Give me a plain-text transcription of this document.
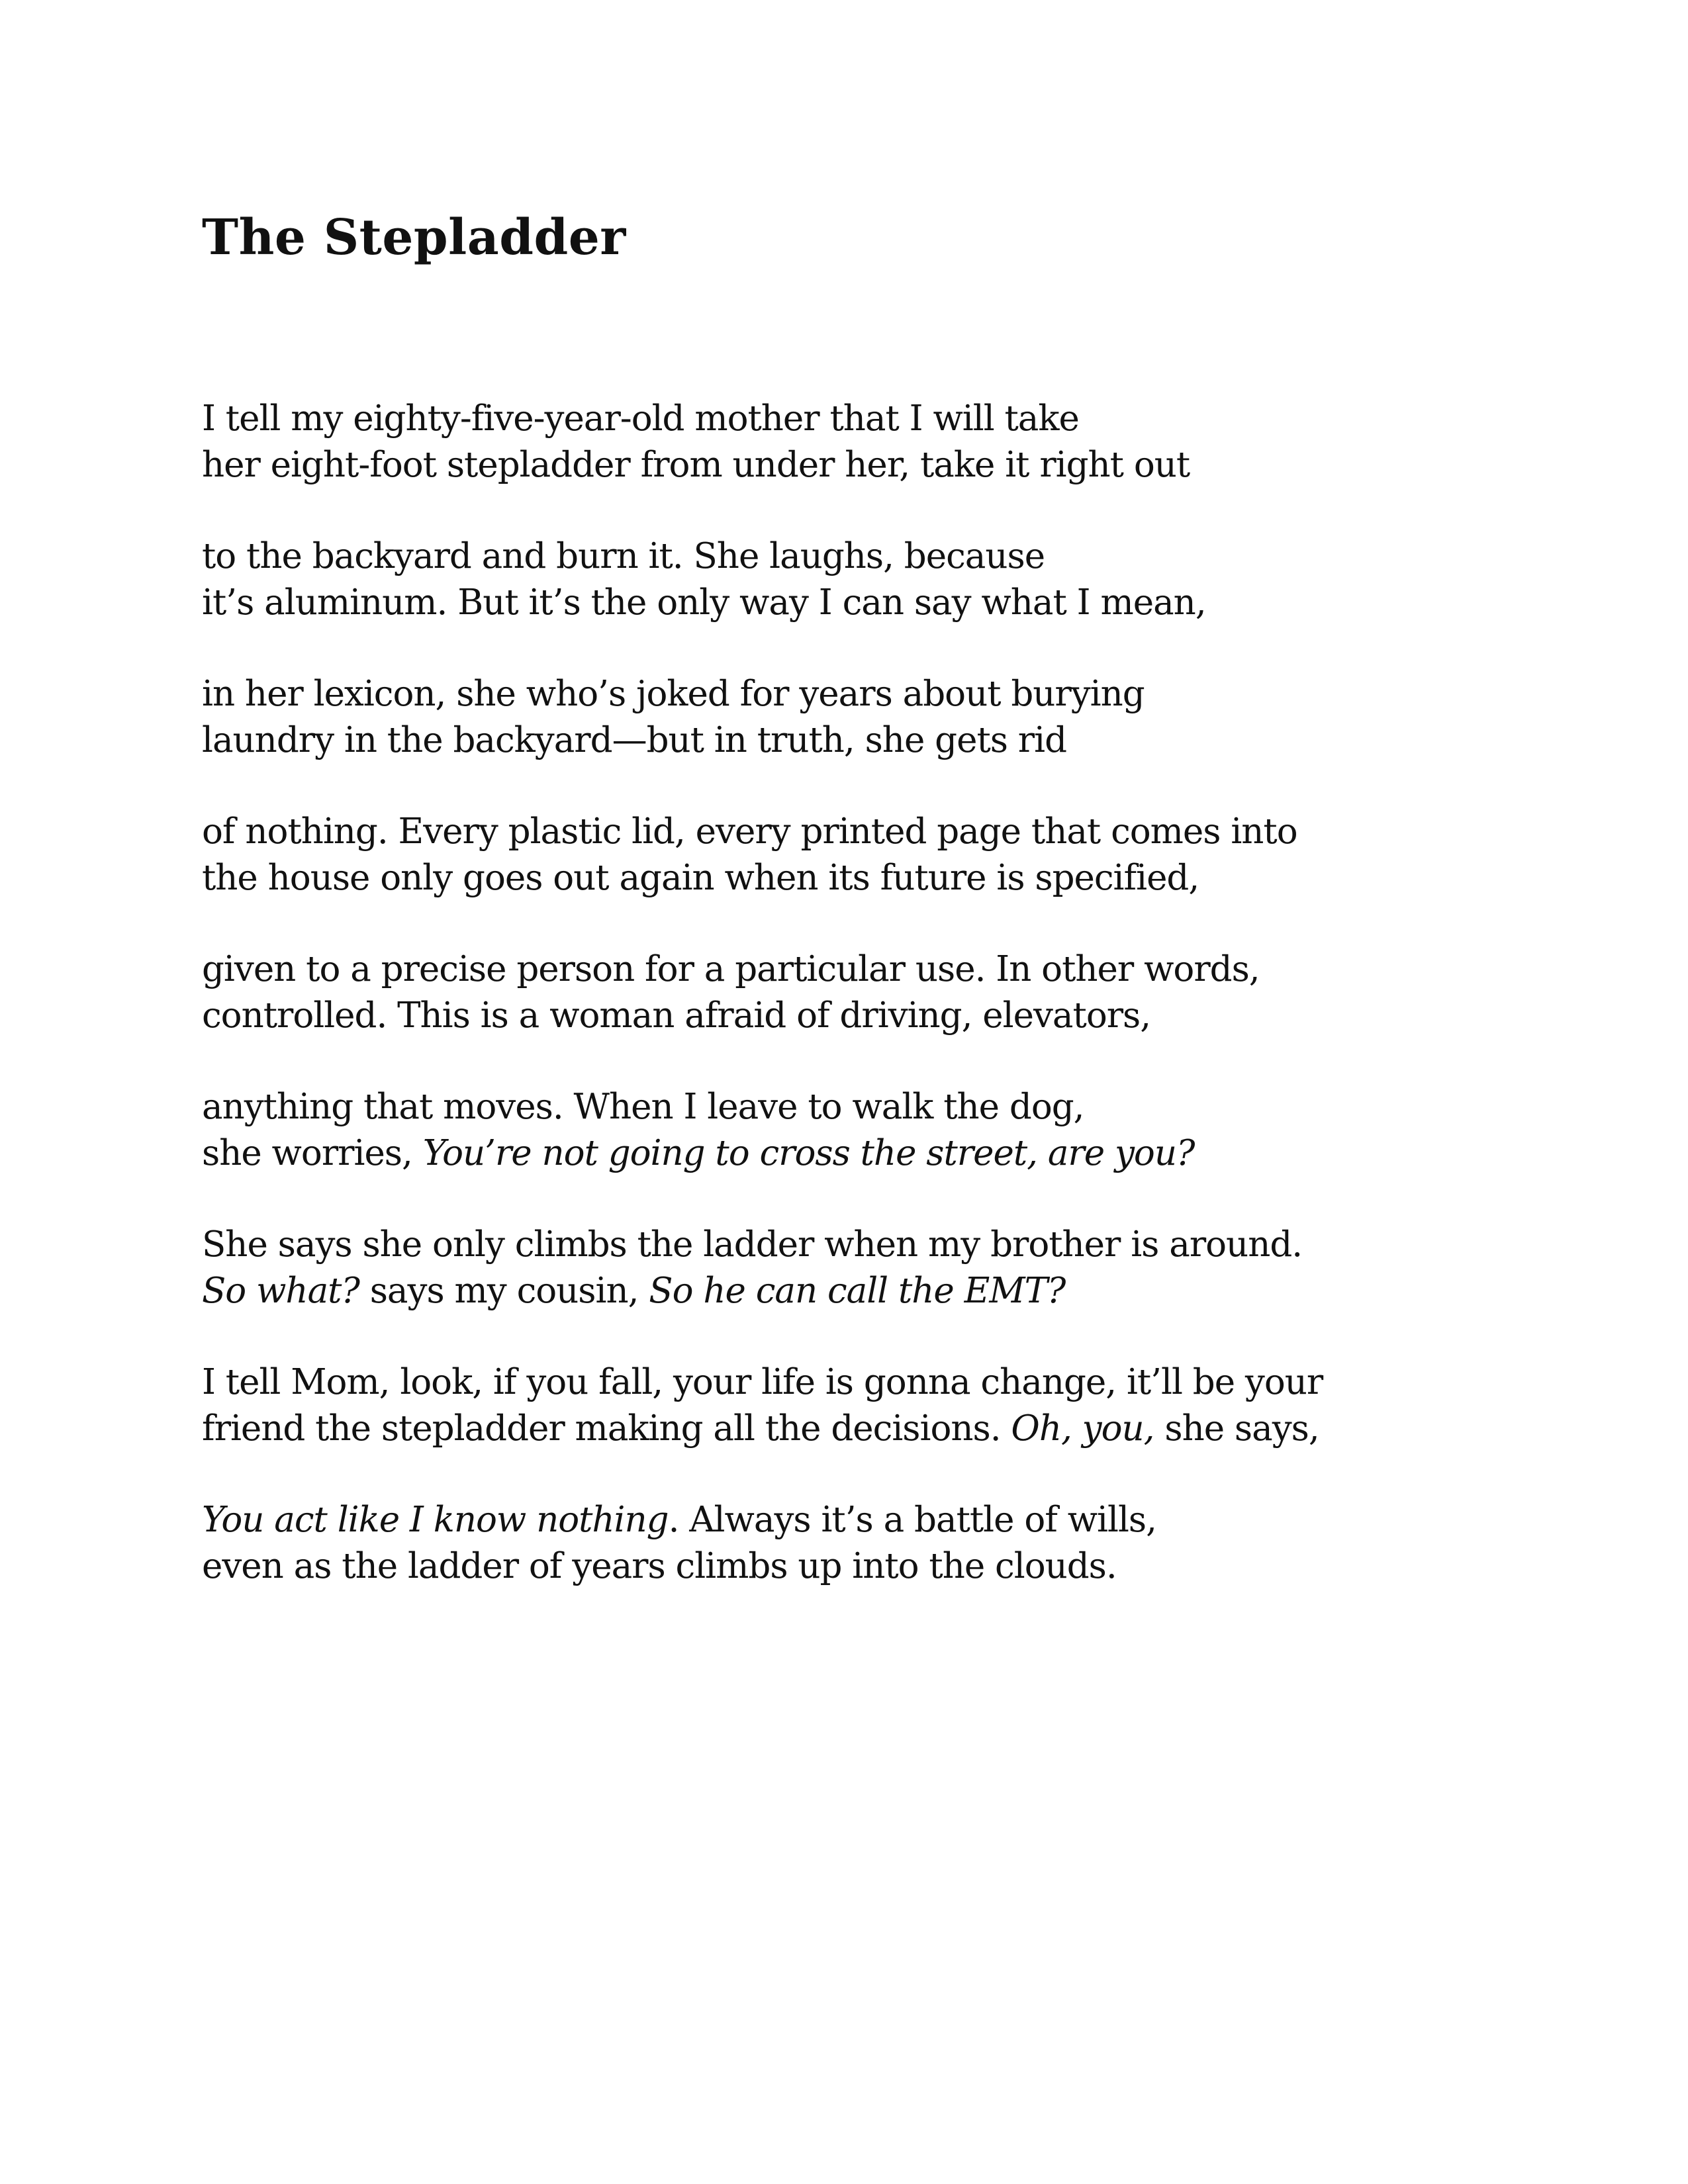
The Stepladder
I tell my eighty-five-year-old mother that I will take
her eight-foot stepladder from under her, take it right out
to the backyard and burn it. She laughs, because
it’s aluminum. But it’s the only way I can say what I mean,
in her lexicon, she who’s joked for years about burying
laundry in the backyard—but in truth, she gets rid
of nothing. Every plastic lid, every printed page that comes into
the house only goes out again when its future is specified,
given to a precise person for a particular use. In other words,
controlled. This is a woman afraid of driving, elevators,
anything that moves. When I leave to walk the dog,
she worries, You’re not going to cross the street, are you?
She says she only climbs the ladder when my brother is around.
So what? says my cousin, So he can call the EMT?
I tell Mom, look, if you fall, your life is gonna change, it’ll be your
friend the stepladder making all the decisions. Oh, you, she says,
You act like I know nothing. Always it’s a battle of wills,
even as the ladder of years climbs up into the clouds.
